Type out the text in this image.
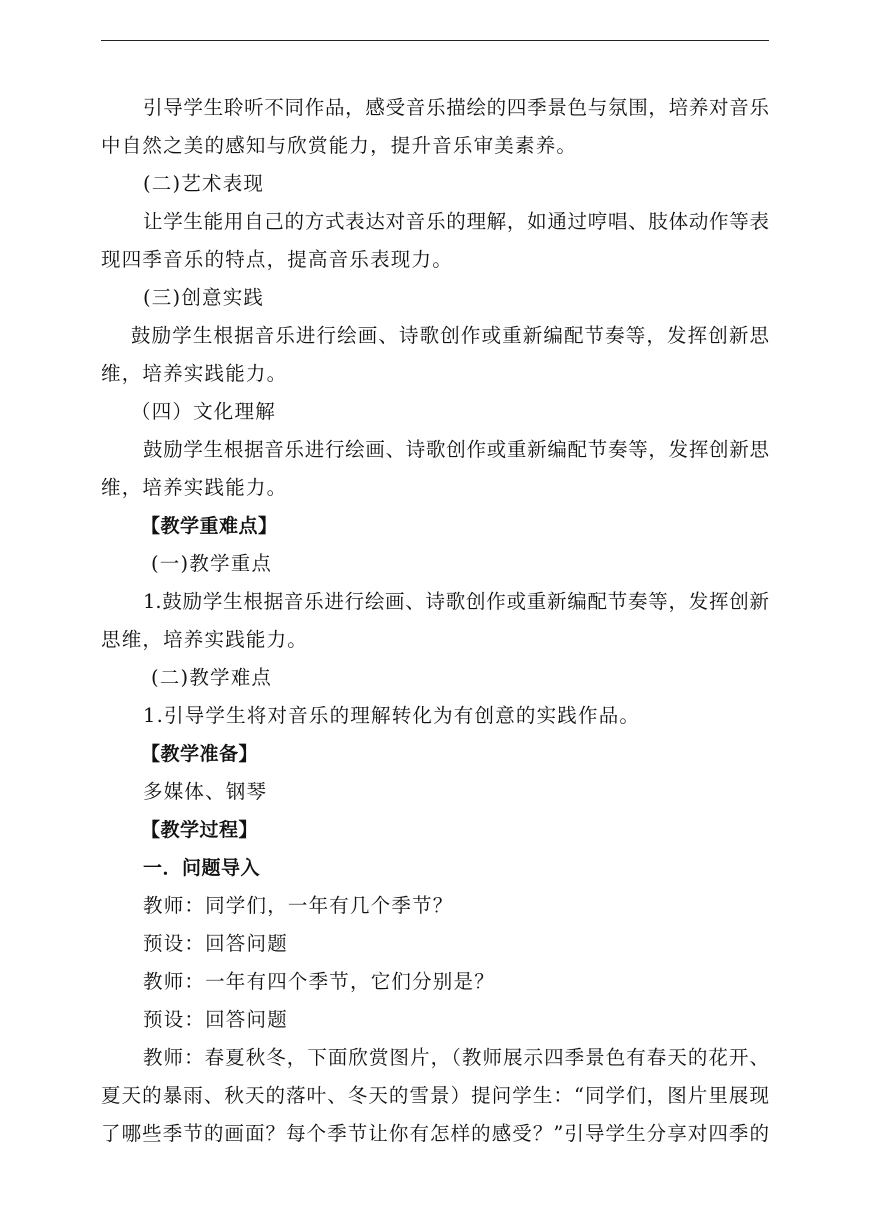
引导学生聆听不同作品，感受音乐描绘的四季景色与氛围，培养对音乐
中自然之美的感知与欣赏能力，提升音乐审美素养。
(二)艺术表现
让学生能用自己的方式表达对音乐的理解，如通过哼唱、肢体动作等表
现四季音乐的特点，提高音乐表现力。
(三)创意实践
鼓励学生根据音乐进行绘画、诗歌创作或重新编配节奏等，发挥创新思
维，培养实践能力。
（四）文化理解
鼓励学生根据音乐进行绘画、诗歌创作或重新编配节奏等，发挥创新思
维，培养实践能力。
【教学重难点】
(一)教学重点
1.鼓励学生根据音乐进行绘画、诗歌创作或重新编配节奏等，发挥创新
思维，培养实践能力。
(二)教学难点
1.引导学生将对音乐的理解转化为有创意的实践作品。
【教学准备】
多媒体、钢琴
【教学过程】
一．问题导入
教师：同学们，一年有几个季节？
预设：回答问题
教师：一年有四个季节，它们分别是？
预设：回答问题
教师：春夏秋冬，下面欣赏图片，（教师展示四季景色有春天的花开、
夏天的暴雨、秋天的落叶、冬天的雪景）提问学生：“同学们，图片里展现
了哪些季节的画面？每个季节让你有怎样的感受？”引导学生分享对四季的
